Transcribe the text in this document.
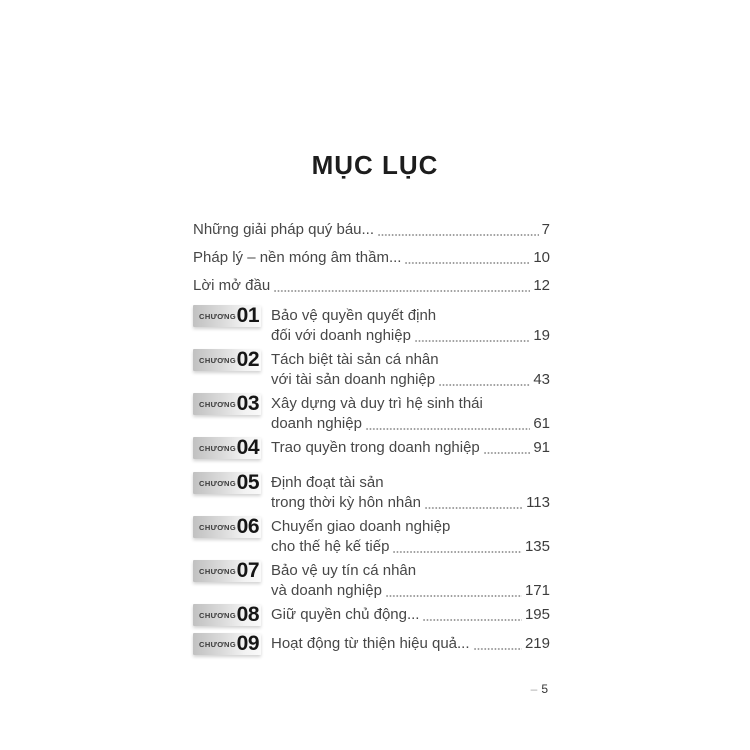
MỤC LỤC
Những giải pháp quý báu...	7
Pháp lý – nền móng âm thầm...	10
Lời mở đầu	12
CHƯƠNG 01 Bảo vệ quyền quyết định
đối với doanh nghiệp	19
CHƯƠNG 02 Tách biệt tài sản cá nhân
với tài sản doanh nghiệp	43
CHƯƠNG 03 Xây dựng và duy trì hệ sinh thái
doanh nghiệp	61
CHƯƠNG 04 Trao quyền trong doanh nghiệp	91
CHƯƠNG 05 Định đoạt tài sản
trong thời kỳ hôn nhân	113
CHƯƠNG 06 Chuyển giao doanh nghiệp
cho thế hệ kế tiếp	135
CHƯƠNG 07 Bảo vệ uy tín cá nhân
và doanh nghiệp	171
CHƯƠNG 08 Giữ quyền chủ động...	195
CHƯƠNG 09 Hoạt động từ thiện hiệu quả...	219
– 5
